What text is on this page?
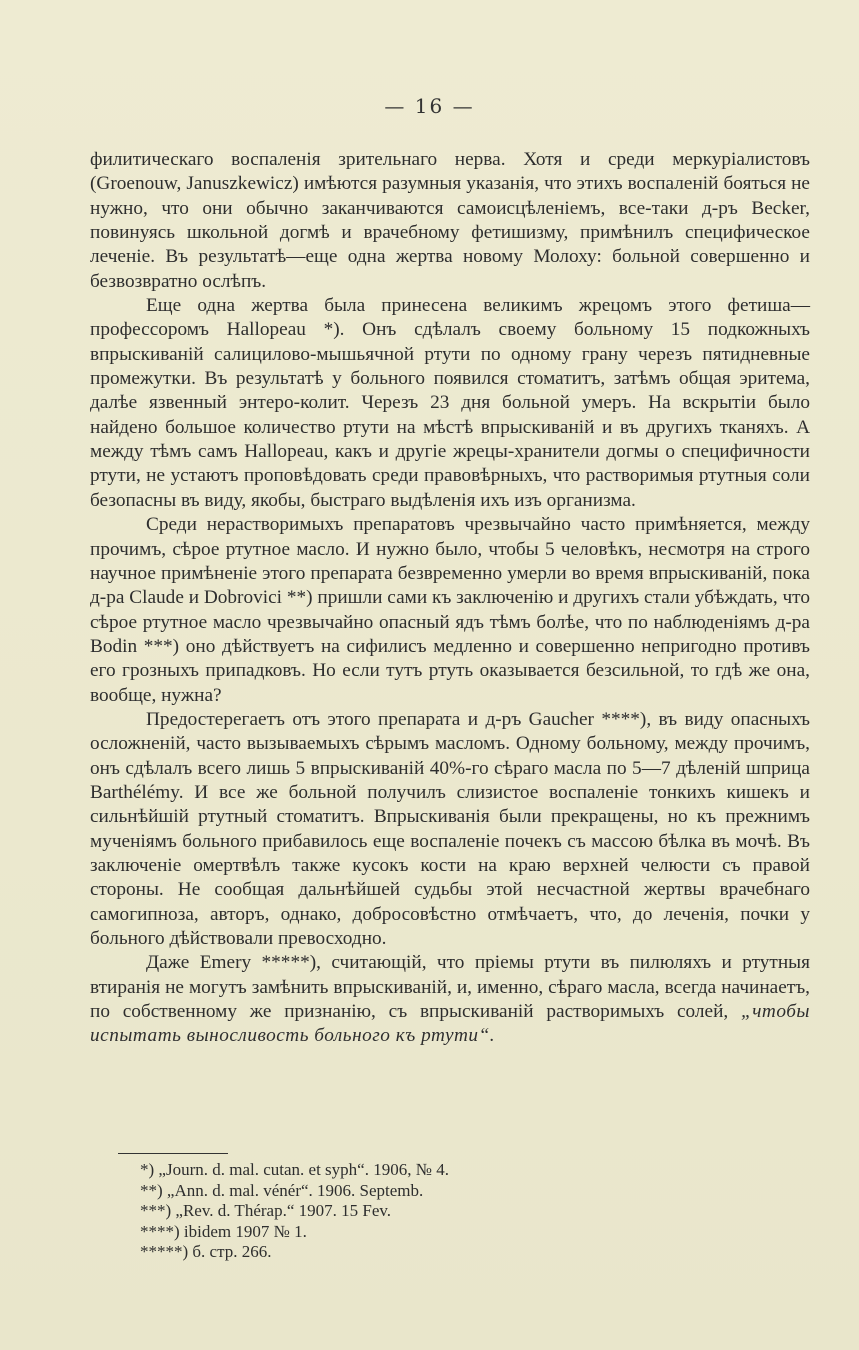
— 16 —

филитическаго воспаленія зрительнаго нерва. Хотя и среди меркуріалистовъ (Groenouw, Januszkewicz) имѣются разумныя указанія, что этихъ воспаленій бояться не нужно, что они обычно заканчиваются самоисцѣленіемъ, все-таки д-ръ Becker, повинуясь школьной догмѣ и врачебному фетишизму, примѣнилъ специфическое леченіе. Въ результатѣ—еще одна жертва новому Молоху: больной совершенно и безвозвратно ослѣпъ.

Еще одна жертва была принесена великимъ жрецомъ этого фетиша—профессоромъ Hallopeau *). Онъ сдѣлалъ своему больному 15 подкожныхъ впрыскиваній салицилово-мышьячной ртути по одному грану черезъ пятидневные промежутки. Въ результатѣ у больного появился стоматитъ, затѣмъ общая эритема, далѣе язвенный энтеро-колит. Черезъ 23 дня больной умеръ. На вскрытіи было найдено большое количество ртути на мѣстѣ впрыскиваній и въ другихъ тканяхъ. А между тѣмъ самъ Hallopeau, какъ и другіе жрецы-хранители догмы о специфичности ртути, не устаютъ проповѣдовать среди правовѣрныхъ, что растворимыя ртутныя соли безопасны въ виду, якобы, быстраго выдѣленія ихъ изъ организма.

Среди нерастворимыхъ препаратовъ чрезвычайно часто примѣняется, между прочимъ, сѣрое ртутное масло. И нужно было, чтобы 5 человѣкъ, несмотря на строго научное примѣненіе этого препарата безвременно умерли во время впрыскиваній, пока д-ра Claude и Dobrovici **) пришли сами къ заключенію и другихъ стали убѣждать, что сѣрое ртутное масло чрезвычайно опасный ядъ тѣмъ болѣе, что по наблюденіямъ д-ра Bodin ***) оно дѣйствуетъ на сифилисъ медленно и совершенно непригодно противъ его грозныхъ припадковъ. Но если тутъ ртуть оказывается безсильной, то гдѣ же она, вообще, нужна?

Предостерегаетъ отъ этого препарата и д-ръ Gaucher ****), въ виду опасныхъ осложненій, часто вызываемыхъ сѣрымъ масломъ. Одному больному, между прочимъ, онъ сдѣлалъ всего лишь 5 впрыскиваній 40%-го сѣраго масла по 5—7 дѣленій шприца Barthélémy. И все же больной получилъ слизистое воспаленіе тонкихъ кишекъ и сильнѣйшій ртутный стоматитъ. Впрыскиванія были прекращены, но къ прежнимъ мученіямъ больного прибавилось еще воспаленіе почекъ съ массою бѣлка въ мочѣ. Въ заключеніе омертвѣлъ также кусокъ кости на краю верхней челюсти съ правой стороны. Не сообщая дальнѣйшей судьбы этой несчастной жертвы врачебнаго самогипноза, авторъ, однако, добросовѣстно отмѣчаетъ, что, до леченія, почки у больного дѣйствовали превосходно.

Даже Emery *****), считающій, что пріемы ртути въ пилюляхъ и ртутныя втиранія не могутъ замѣнить впрыскиваній, и, именно, сѣраго масла, всегда начинаетъ, по собственному же признанію, съ впрыскиваній растворимыхъ солей, „чтобы испытать выносливость больного къ ртути“.

*) „Journ. d. mal. cutan. et syph“. 1906, № 4.

**) „Ann. d. mal. vénér“. 1906. Septemb.

***) „Rev. d. Thérap.“ 1907. 15 Fev.

****) ibidem 1907 № 1.

*****) б. стр. 266.
